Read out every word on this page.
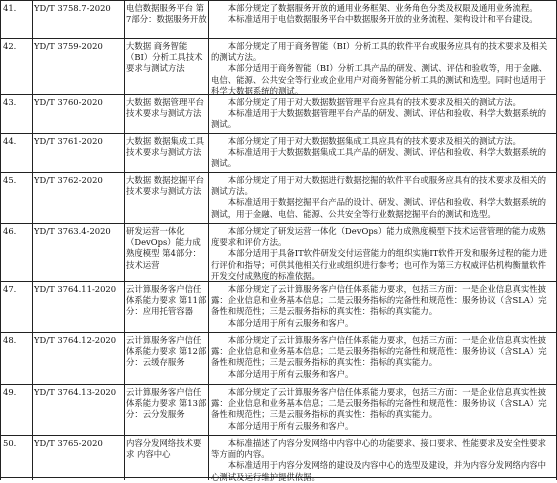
41.	YD/T 3758.7-2020	电信数据服务平台 第7部分：数据服务开放

本部分规定了数据服务开放的通用业务框架、业务角色分类及权限及通用业务流程。

本标准适用于电信数据服务平台中数据服务开放的业务流程、架构设计和平台建设。

42.	YD/T 3759-2020	大数据 商务智能（BI）分析工具技术要求与测试方法

本部分规定了用于商务智能（BI）分析工具的软件平台或服务应具有的技术要求及相关的测试方法。

本部分适用于商务智能（BI）分析工具产品的研发、测试、评估和验收等，用于金融、电信、能源、公共安全等行业或企业用户对商务智能分析工具的测试和选型。同时也适用于科学大数据系统的测试。

43.	YD/T 3760-2020	大数据 数据管理平台技术要求与测试方法

本部分规定了用于对大数据数据管理平台应具有的技术要求及相关的测试方法。

本标准适用于大数据数据管理平台产品的研发、测试、评估和验收、科学大数据系统的测试。

44.	YD/T 3761-2020	大数据 数据集成工具技术要求与测试方法

本部分规定了用于对大数据数据集成工具应具有的技术要求及相关的测试方法。

本标准适用于大数据数据集成工具产品的研发、测试、评估和验收、科学大数据系统的测试。

45.	YD/T 3762-2020	大数据 数据挖掘平台技术要求与测试方法

本部分规定了用于对大数据进行数据挖掘的软件平台或服务应具有的技术要求及相关的测试方法。

本标准适用于数据挖掘平台产品的设计、研发、测试、评估和验收、科学大数据系统的测试，用于金融、电信、能源、公共安全等行业数据挖掘平台的测试和选型。

46.	YD/T 3763.4-2020	研发运营一体化（DevOps）能力成熟度模型 第4部分：技术运营

本部分规定了研发运营一体化（DevOps）能力成熟度模型下技术运营管理的能力成熟度要求和评价方法。

本部分适用于具备IT软件研发交付运营能力的组织实施IT软件开发和服务过程的能力进行评价和指导；可供其他相关行业或组织进行参考；也可作为第三方权威评估机构衡量软件开发交付成熟度的标准依据。

47.	YD/T 3764.11-2020	云计算服务客户信任体系能力要求 第11部分：应用托管容器

本部分规定了云计算服务客户信任体系能力要求，包括三方面：一是企业信息真实性披露：企业信息和业务基本信息；二是云服务指标的完备性和规范性：服务协议（含SLA）完备性和规范性；三是云服务指标的真实性：指标的真实能力。

本部分适用于所有云服务和客户。

48.	YD/T 3764.12-2020	云计算服务客户信任体系能力要求 第12部分：云缓存服务

本部分规定了云计算服务客户信任体系能力要求，包括三方面：一是企业信息真实性披露：企业信息和业务基本信息；二是云服务指标的完备性和规范性：服务协议（含SLA）完备性和规范性；三是云服务指标的真实性：指标的真实能力。

本部分适用于所有云服务和客户。

49.	YD/T 3764.13-2020	云计算服务客户信任体系能力要求 第13部分：云分发服务

本部分规定了云计算服务客户信任体系能力要求，包括三方面：一是企业信息真实性披露：企业信息和业务基本信息；二是云服务指标的完备性和规范性：服务协议（含SLA）完备性和规范性；三是云服务指标的真实性：指标的真实能力。

本部分适用于所有云服务和客户。

50.	YD/T 3765-2020	内容分发网络技术要求 内容中心

本标准描述了内容分发网络中内容中心的功能要求、接口要求、性能要求及安全性要求等方面的内容。

本标准适用于内容分发网络的建设及内容中心的选型及建设，并为内容分发网络内容中心测试及运行维护提供依据。
